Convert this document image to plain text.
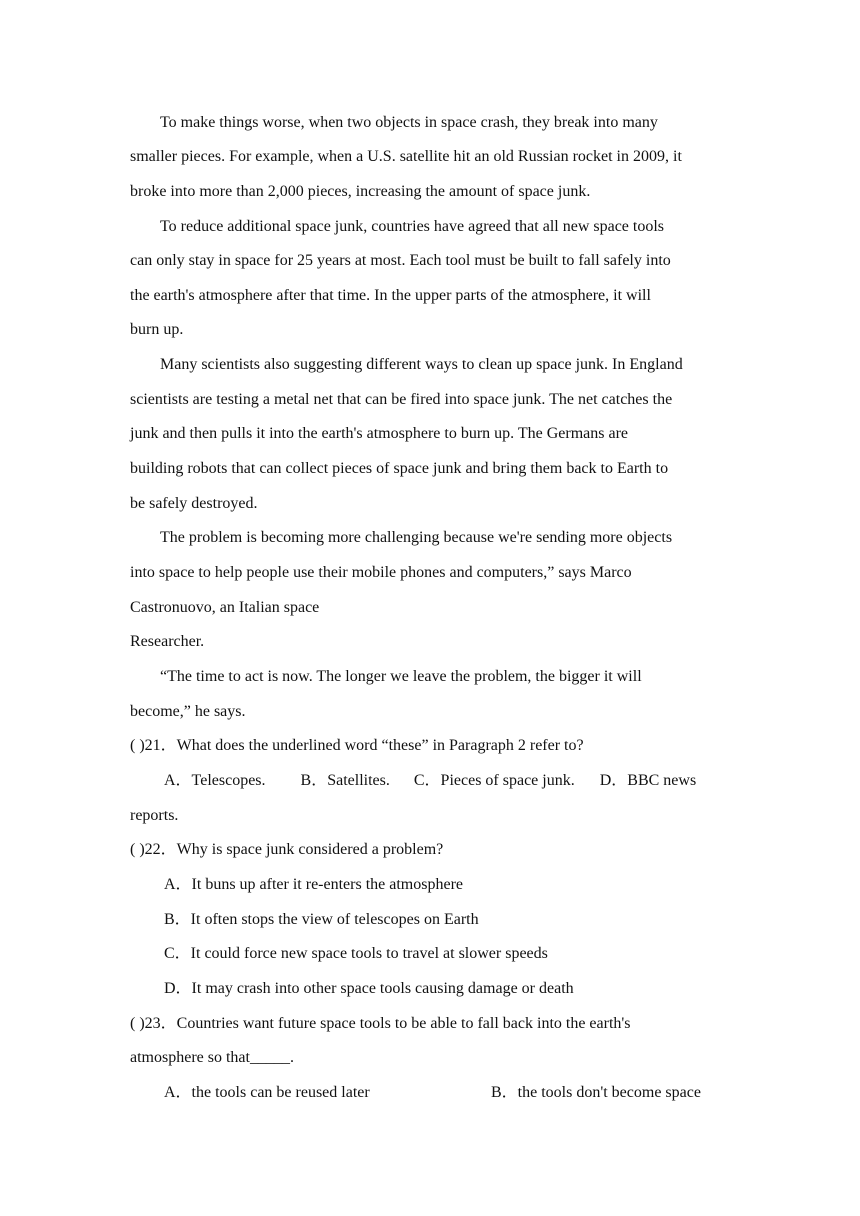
To make things worse, when two objects in space crash, they break into many
smaller pieces. For example, when a U.S. satellite hit an old Russian rocket in 2009, it
broke into more than 2,000 pieces, increasing the amount of space junk.
To reduce additional space junk, countries have agreed that all new space tools
can only stay in space for 25 years at most. Each tool must be built to fall safely into
the earth's atmosphere after that time. In the upper parts of the atmosphere, it will
burn up.
Many scientists also suggesting different ways to clean up space junk. In England
scientists are testing a metal net that can be fired into space junk. The net catches the
junk and then pulls it into the earth's atmosphere to burn up. The Germans are
building robots that can collect pieces of space junk and bring them back to Earth to
be safely destroyed.
The problem is becoming more challenging because we're sending more objects
into space to help people use their mobile phones and computers,” says Marco
Castronuovo, an Italian space
Researcher.
“The time to act is now. The longer we leave the problem, the bigger it will
become,” he says.
( )21．What does the underlined word “these” in Paragraph 2 refer to?
A．Telescopes. B．Satellites. C．Pieces of space junk. D．BBC news
reports.
( )22．Why is space junk considered a problem?
A．It buns up after it re-enters the atmosphere
B．It often stops the view of telescopes on Earth
C．It could force new space tools to travel at slower speeds
D．It may crash into other space tools causing damage or death
( )23．Countries want future space tools to be able to fall back into the earth's
atmosphere so that_____.
A．the tools can be reused later	B．the tools don't become space
